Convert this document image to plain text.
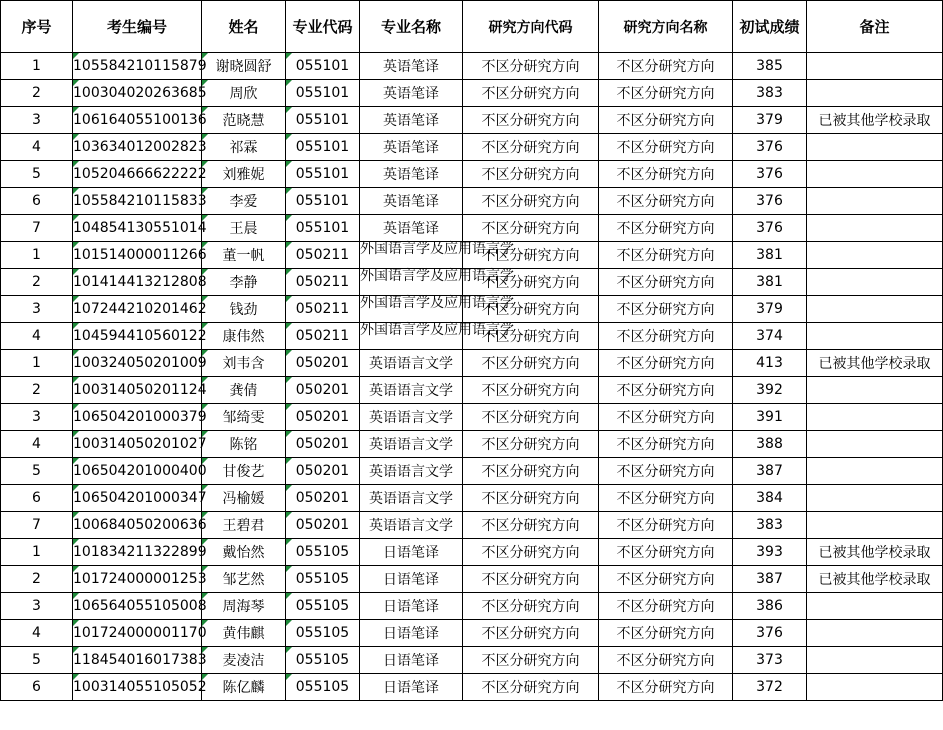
序号	考生编号	姓名	专业代码	专业名称	研究方向代码	研究方向名称	初试成绩	备注
1	105584210115879	谢晓圆舒	055101	英语笔译	不区分研究方向	不区分研究方向	385	
2	100304020263685	周欣	055101	英语笔译	不区分研究方向	不区分研究方向	383	
3	106164055100136	范晓慧	055101	英语笔译	不区分研究方向	不区分研究方向	379	已被其他学校录取
4	103634012002823	祁霖	055101	英语笔译	不区分研究方向	不区分研究方向	376	
5	105204666622222	刘雅妮	055101	英语笔译	不区分研究方向	不区分研究方向	376	
6	105584210115833	李爱	055101	英语笔译	不区分研究方向	不区分研究方向	376	
7	104854130551014	王晨	055101	英语笔译	不区分研究方向	不区分研究方向	376	
1	101514000011266	董一帆	050211	外国语言学及应用语言学	不区分研究方向	不区分研究方向	381	
2	101414413212808	李静	050211	外国语言学及应用语言学	不区分研究方向	不区分研究方向	381	
3	107244210201462	钱劲	050211	外国语言学及应用语言学	不区分研究方向	不区分研究方向	379	
4	104594410560122	康伟然	050211	外国语言学及应用语言学	不区分研究方向	不区分研究方向	374	
1	100324050201009	刘韦含	050201	英语语言文学	不区分研究方向	不区分研究方向	413	已被其他学校录取
2	100314050201124	龚倩	050201	英语语言文学	不区分研究方向	不区分研究方向	392	
3	106504201000379	邹绮雯	050201	英语语言文学	不区分研究方向	不区分研究方向	391	
4	100314050201027	陈铭	050201	英语语言文学	不区分研究方向	不区分研究方向	388	
5	106504201000400	甘俊艺	050201	英语语言文学	不区分研究方向	不区分研究方向	387	
6	106504201000347	冯榆媛	050201	英语语言文学	不区分研究方向	不区分研究方向	384	
7	100684050200636	王碧君	050201	英语语言文学	不区分研究方向	不区分研究方向	383	
1	101834211322899	戴怡然	055105	日语笔译	不区分研究方向	不区分研究方向	393	已被其他学校录取
2	101724000001253	邹艺然	055105	日语笔译	不区分研究方向	不区分研究方向	387	已被其他学校录取
3	106564055105008	周海琴	055105	日语笔译	不区分研究方向	不区分研究方向	386	
4	101724000001170	黄伟麒	055105	日语笔译	不区分研究方向	不区分研究方向	376	
5	118454016017383	麦凌洁	055105	日语笔译	不区分研究方向	不区分研究方向	373	
6	100314055105052	陈亿麟	055105	日语笔译	不区分研究方向	不区分研究方向	372	
